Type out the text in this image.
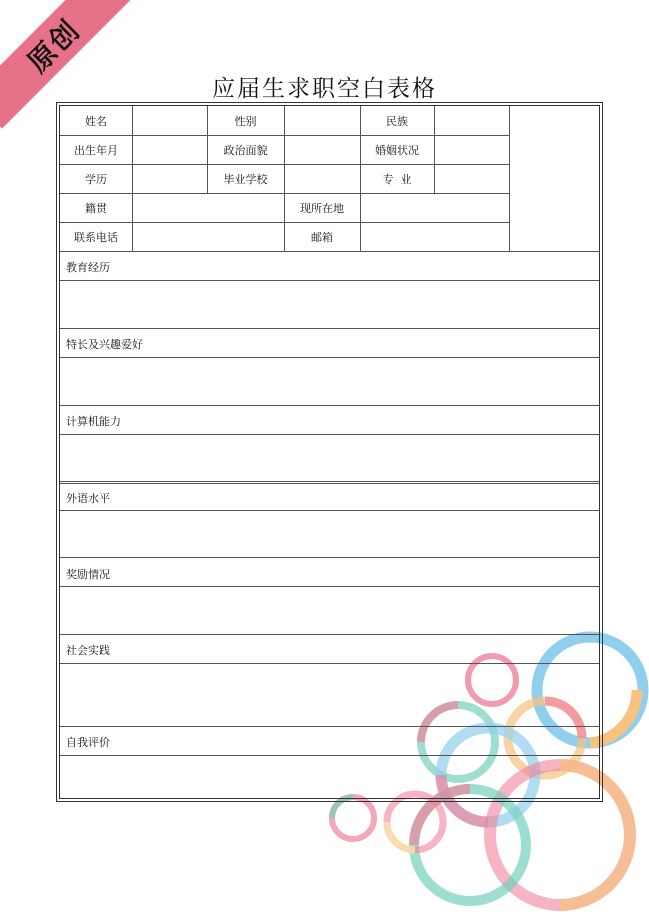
原创
应届生求职空白表格
姓名	性别	民族
出生年月	政治面貌	婚姻状况
学历	毕业学校	专  业
籍贯	现所在地
联系电话	邮箱
教育经历
特长及兴趣爱好
计算机能力
外语水平
奖励情况
社会实践
自我评价
